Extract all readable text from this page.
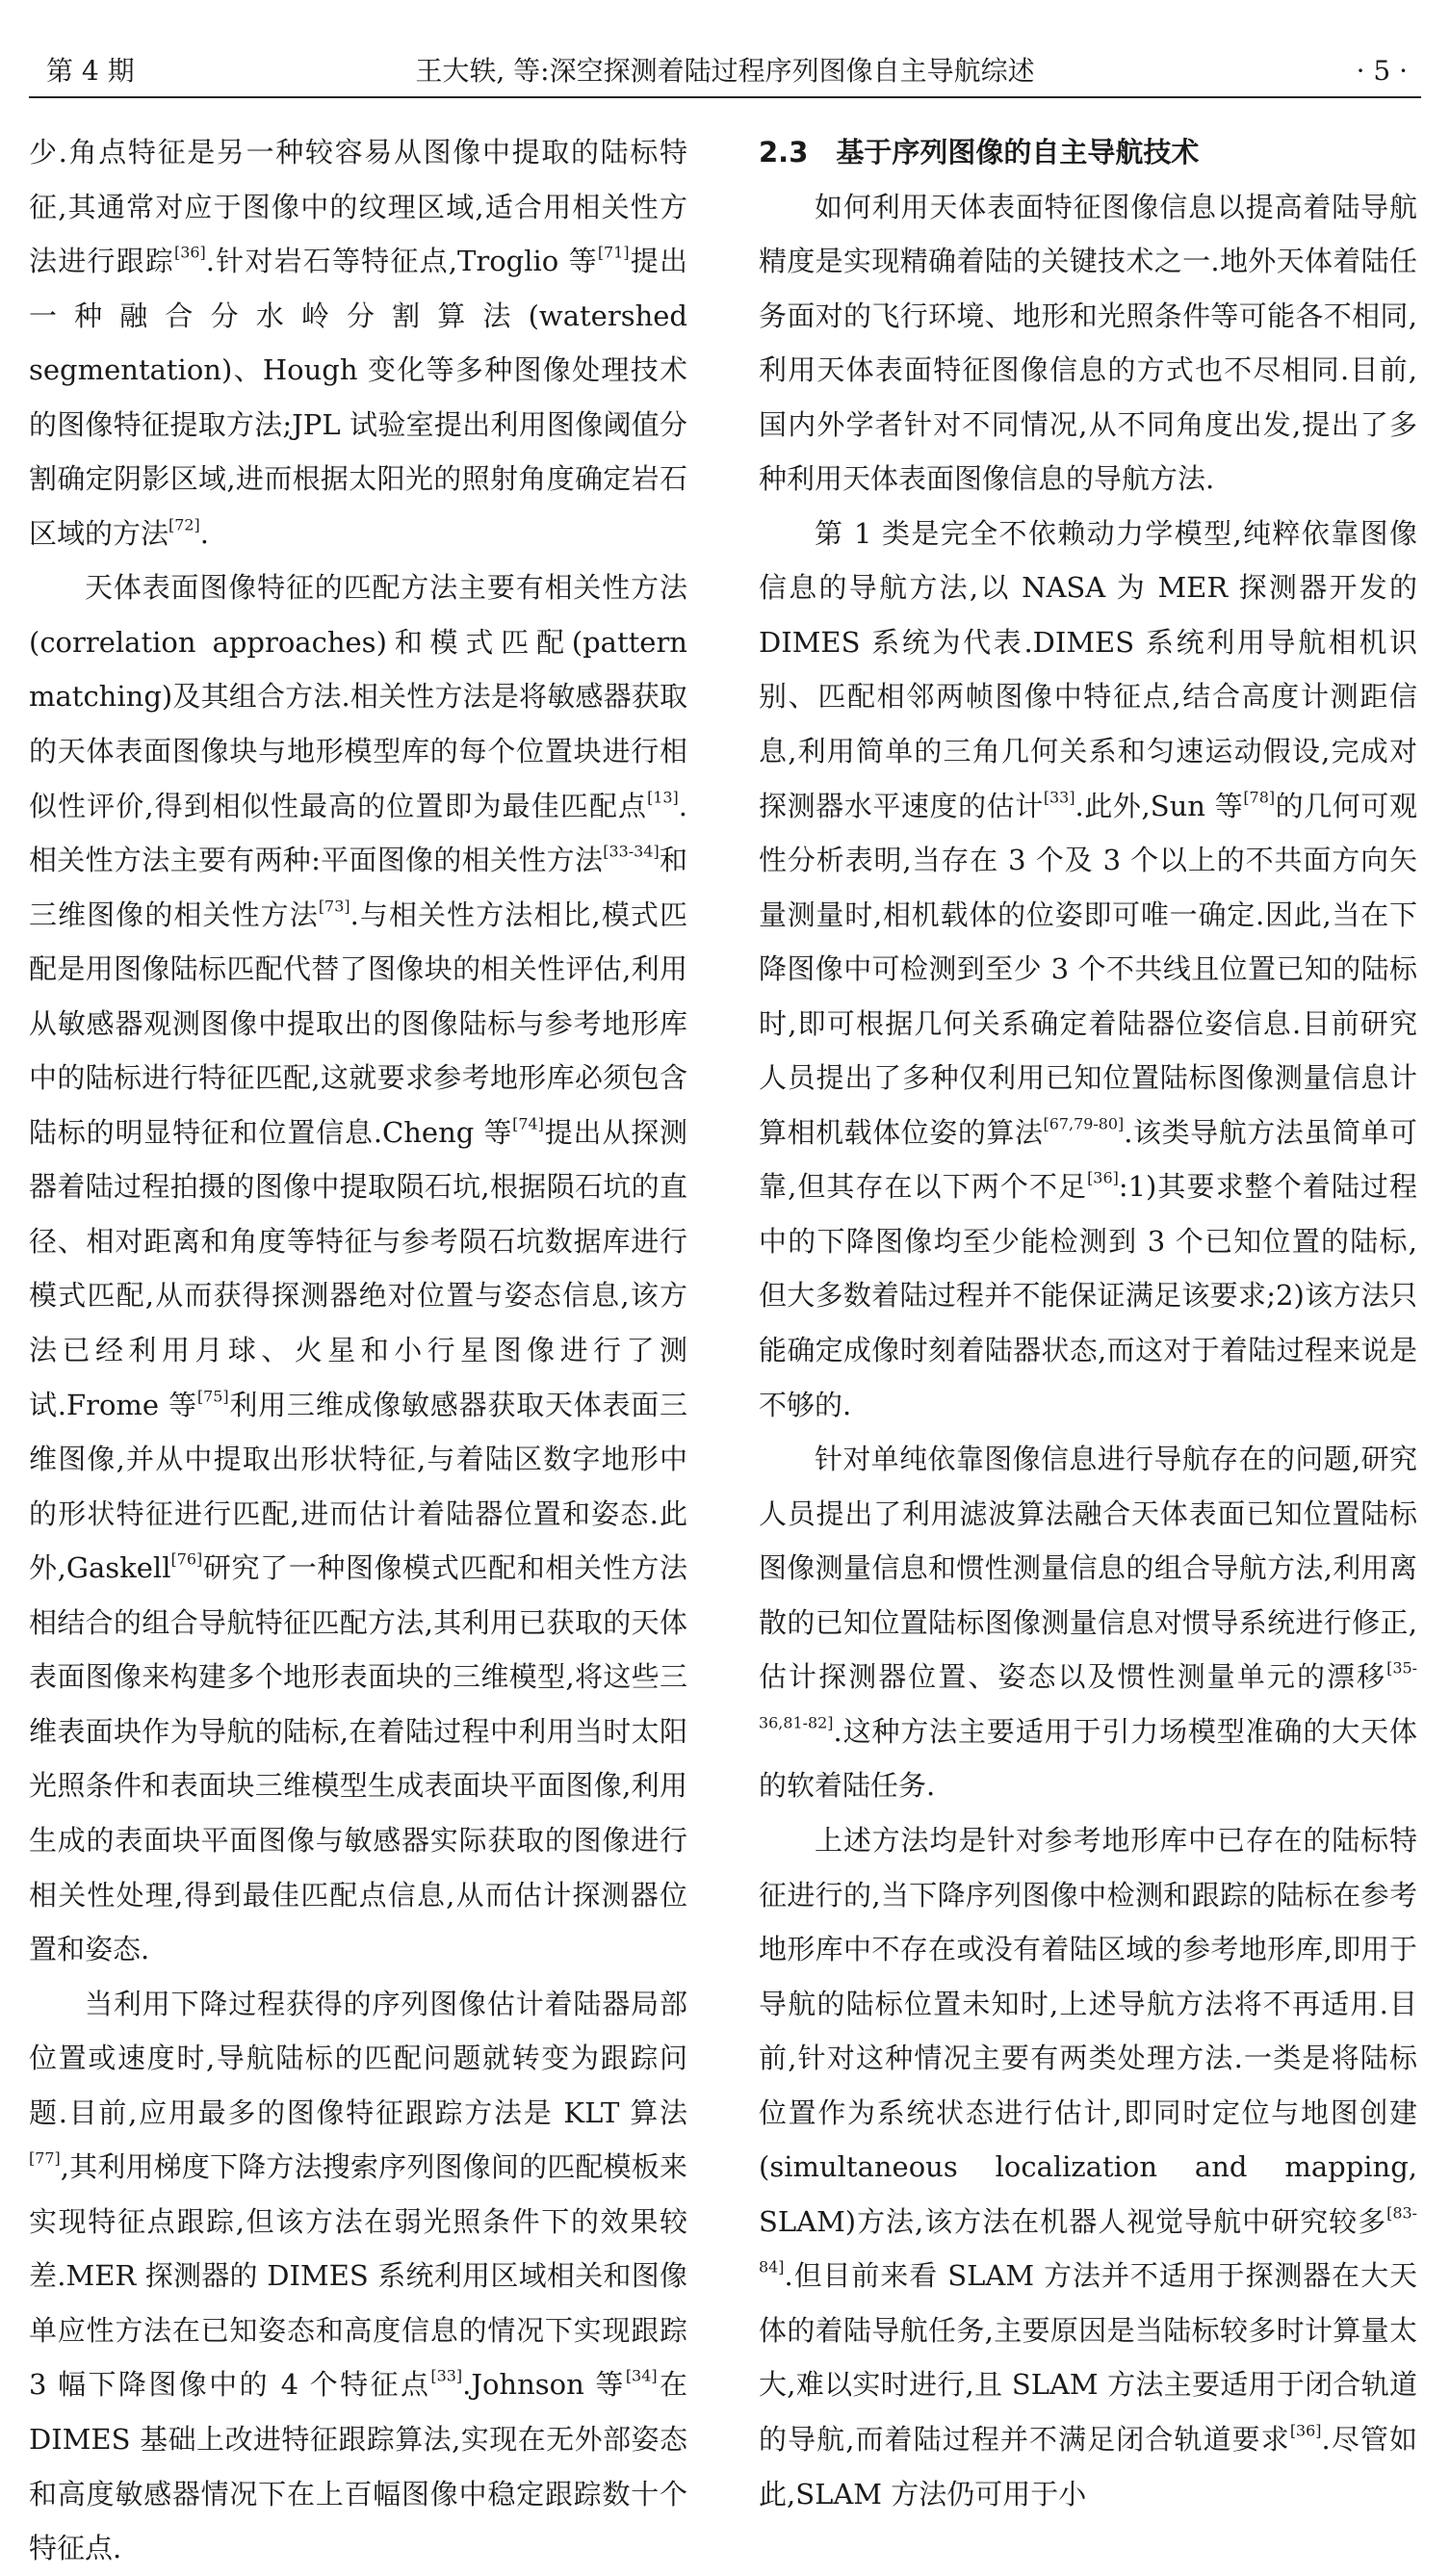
第 4 期	王大轶, 等:深空探测着陆过程序列图像自主导航综述	· 5 ·

少.角点特征是另一种较容易从图像中提取的陆标特征,其通常对应于图像中的纹理区域,适合用相关性方法进行跟踪[36].针对岩石等特征点,Troglio 等[71]提出一种融合分水岭分割算法(watershed segmentation)、Hough 变化等多种图像处理技术的图像特征提取方法;JPL 试验室提出利用图像阈值分割确定阴影区域,进而根据太阳光的照射角度确定岩石区域的方法[72].

天体表面图像特征的匹配方法主要有相关性方法(correlation approaches)和模式匹配(pattern matching)及其组合方法.相关性方法是将敏感器获取的天体表面图像块与地形模型库的每个位置块进行相似性评价,得到相似性最高的位置即为最佳匹配点[13].相关性方法主要有两种:平面图像的相关性方法[33-34]和三维图像的相关性方法[73].与相关性方法相比,模式匹配是用图像陆标匹配代替了图像块的相关性评估,利用从敏感器观测图像中提取出的图像陆标与参考地形库中的陆标进行特征匹配,这就要求参考地形库必须包含陆标的明显特征和位置信息.Cheng 等[74]提出从探测器着陆过程拍摄的图像中提取陨石坑,根据陨石坑的直径、相对距离和角度等特征与参考陨石坑数据库进行模式匹配,从而获得探测器绝对位置与姿态信息,该方法已经利用月球、火星和小行星图像进行了测试.Frome 等[75]利用三维成像敏感器获取天体表面三维图像,并从中提取出形状特征,与着陆区数字地形中的形状特征进行匹配,进而估计着陆器位置和姿态.此外,Gaskell[76]研究了一种图像模式匹配和相关性方法相结合的组合导航特征匹配方法,其利用已获取的天体表面图像来构建多个地形表面块的三维模型,将这些三维表面块作为导航的陆标,在着陆过程中利用当时太阳光照条件和表面块三维模型生成表面块平面图像,利用生成的表面块平面图像与敏感器实际获取的图像进行相关性处理,得到最佳匹配点信息,从而估计探测器位置和姿态.

当利用下降过程获得的序列图像估计着陆器局部位置或速度时,导航陆标的匹配问题就转变为跟踪问题.目前,应用最多的图像特征跟踪方法是 KLT 算法[77],其利用梯度下降方法搜索序列图像间的匹配模板来实现特征点跟踪,但该方法在弱光照条件下的效果较差.MER 探测器的 DIMES 系统利用区域相关和图像单应性方法在已知姿态和高度信息的情况下实现跟踪 3 幅下降图像中的 4 个特征点[33].Johnson 等[34]在 DIMES 基础上改进特征跟踪算法,实现在无外部姿态和高度敏感器情况下在上百幅图像中稳定跟踪数十个特征点.

2.3　基于序列图像的自主导航技术

如何利用天体表面特征图像信息以提高着陆导航精度是实现精确着陆的关键技术之一.地外天体着陆任务面对的飞行环境、地形和光照条件等可能各不相同,利用天体表面特征图像信息的方式也不尽相同.目前,国内外学者针对不同情况,从不同角度出发,提出了多种利用天体表面图像信息的导航方法.

第 1 类是完全不依赖动力学模型,纯粹依靠图像信息的导航方法,以 NASA 为 MER 探测器开发的 DIMES 系统为代表.DIMES 系统利用导航相机识别、匹配相邻两帧图像中特征点,结合高度计测距信息,利用简单的三角几何关系和匀速运动假设,完成对探测器水平速度的估计[33].此外,Sun 等[78]的几何可观性分析表明,当存在 3 个及 3 个以上的不共面方向矢量测量时,相机载体的位姿即可唯一确定.因此,当在下降图像中可检测到至少 3 个不共线且位置已知的陆标时,即可根据几何关系确定着陆器位姿信息.目前研究人员提出了多种仅利用已知位置陆标图像测量信息计算相机载体位姿的算法[67,79-80].该类导航方法虽简单可靠,但其存在以下两个不足[36]:1)其要求整个着陆过程中的下降图像均至少能检测到 3 个已知位置的陆标,但大多数着陆过程并不能保证满足该要求;2)该方法只能确定成像时刻着陆器状态,而这对于着陆过程来说是不够的.

针对单纯依靠图像信息进行导航存在的问题,研究人员提出了利用滤波算法融合天体表面已知位置陆标图像测量信息和惯性测量信息的组合导航方法,利用离散的已知位置陆标图像测量信息对惯导系统进行修正,估计探测器位置、姿态以及惯性测量单元的漂移[35-36,81-82].这种方法主要适用于引力场模型准确的大天体的软着陆任务.

上述方法均是针对参考地形库中已存在的陆标特征进行的,当下降序列图像中检测和跟踪的陆标在参考地形库中不存在或没有着陆区域的参考地形库,即用于导航的陆标位置未知时,上述导航方法将不再适用.目前,针对这种情况主要有两类处理方法.一类是将陆标位置作为系统状态进行估计,即同时定位与地图创建(simultaneous localization and mapping, SLAM)方法,该方法在机器人视觉导航中研究较多[83-84].但目前来看 SLAM 方法并不适用于探测器在大天体的着陆导航任务,主要原因是当陆标较多时计算量太大,难以实时进行,且 SLAM 方法主要适用于闭合轨道的导航,而着陆过程并不满足闭合轨道要求[36].尽管如此,SLAM 方法仍可用于小
